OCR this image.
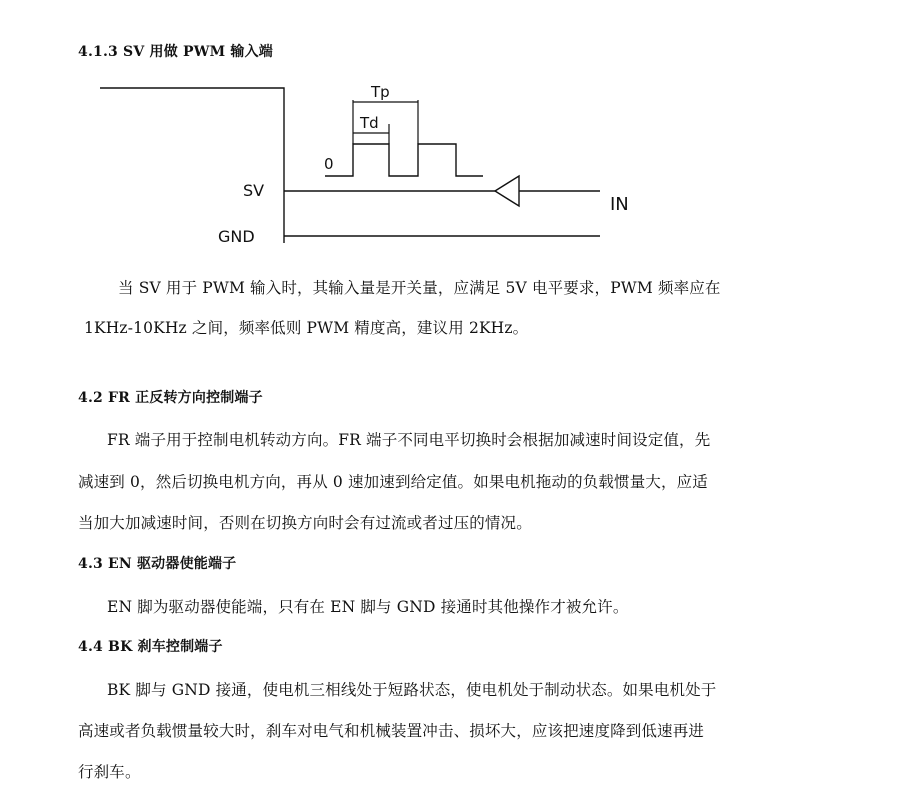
4.1.3 SV 用做 PWM 输入端
Tp
Td
0
SV
GND
IN
当 SV 用于 PWM 输入时，其输入量是开关量，应满足 5V 电平要求，PWM 频率应在
1KHz-10KHz 之间，频率低则 PWM 精度高，建议用 2KHz。
4.2 FR 正反转方向控制端子
FR 端子用于控制电机转动方向。FR 端子不同电平切换时会根据加减速时间设定值，先
减速到 0，然后切换电机方向，再从 0 速加速到给定值。如果电机拖动的负载惯量大，应适
当加大加减速时间，否则在切换方向时会有过流或者过压的情况。
4.3 EN 驱动器使能端子
EN 脚为驱动器使能端，只有在 EN 脚与 GND 接通时其他操作才被允许。
4.4 BK 刹车控制端子
BK 脚与 GND 接通，使电机三相线处于短路状态，使电机处于制动状态。如果电机处于
高速或者负载惯量较大时，刹车对电气和机械装置冲击、损坏大，应该把速度降到低速再进
行刹车。
